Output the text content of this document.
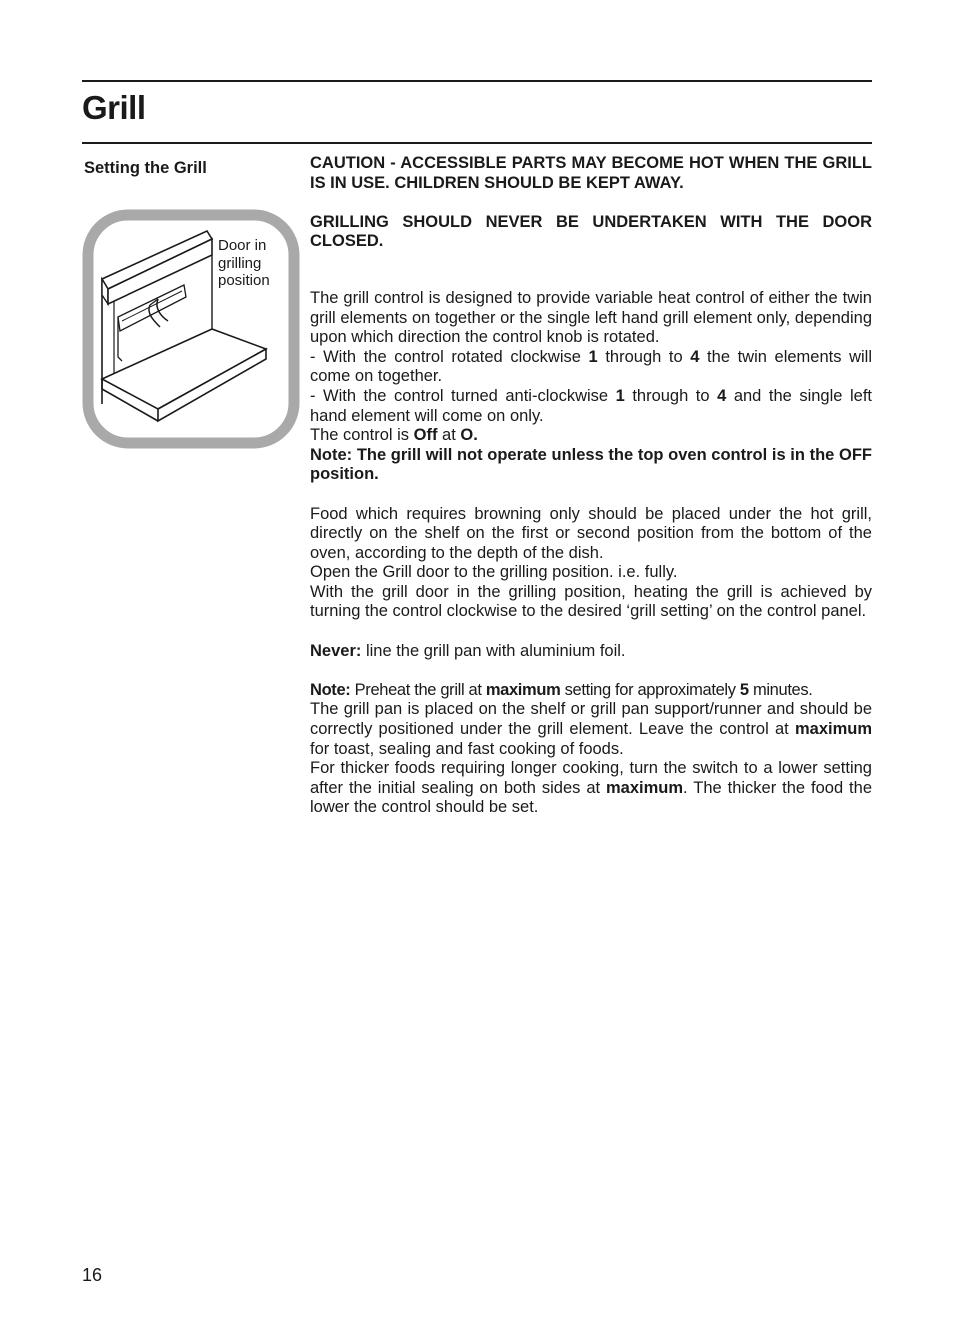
Grill
Setting the Grill
Door in
grilling
position

CAUTION - ACCESSIBLE PARTS MAY BECOME HOT WHEN THE GRILL IS IN USE. CHILDREN SHOULD BE KEPT AWAY.

GRILLING SHOULD NEVER BE UNDERTAKEN WITH THE DOOR CLOSED.

The grill control is designed to provide variable heat control of either the twin grill elements on together or the single left hand grill element only, depending upon which direction the control knob is rotated.

- With the control rotated clockwise 1 through to 4 the twin elements will come on together.

- With the control turned anti-clockwise 1 through to 4 and the single left hand element will come on only.

The control is Off at O.

Note: The grill will not operate unless the top oven control is in the OFF position.

Food which requires browning only should be placed under the hot grill, directly on the shelf on the first or second position from the bottom of the oven, according to the depth of the dish.

Open the Grill door to the grilling position. i.e. fully.

With the grill door in the grilling position, heating the grill is achieved by turning the control clockwise to the desired ‘grill setting’ on the control panel.

Never: line the grill pan with aluminium foil.

Note: Preheat the grill at maximum setting for approximately 5 minutes.

The grill pan is placed on the shelf or grill pan support/runner and should be correctly positioned under the grill element. Leave the control at maximum for toast, sealing and fast cooking of foods.

For thicker foods requiring longer cooking, turn the switch to a lower setting after the initial sealing on both sides at maximum. The thicker the food the lower the control should be set.

16
